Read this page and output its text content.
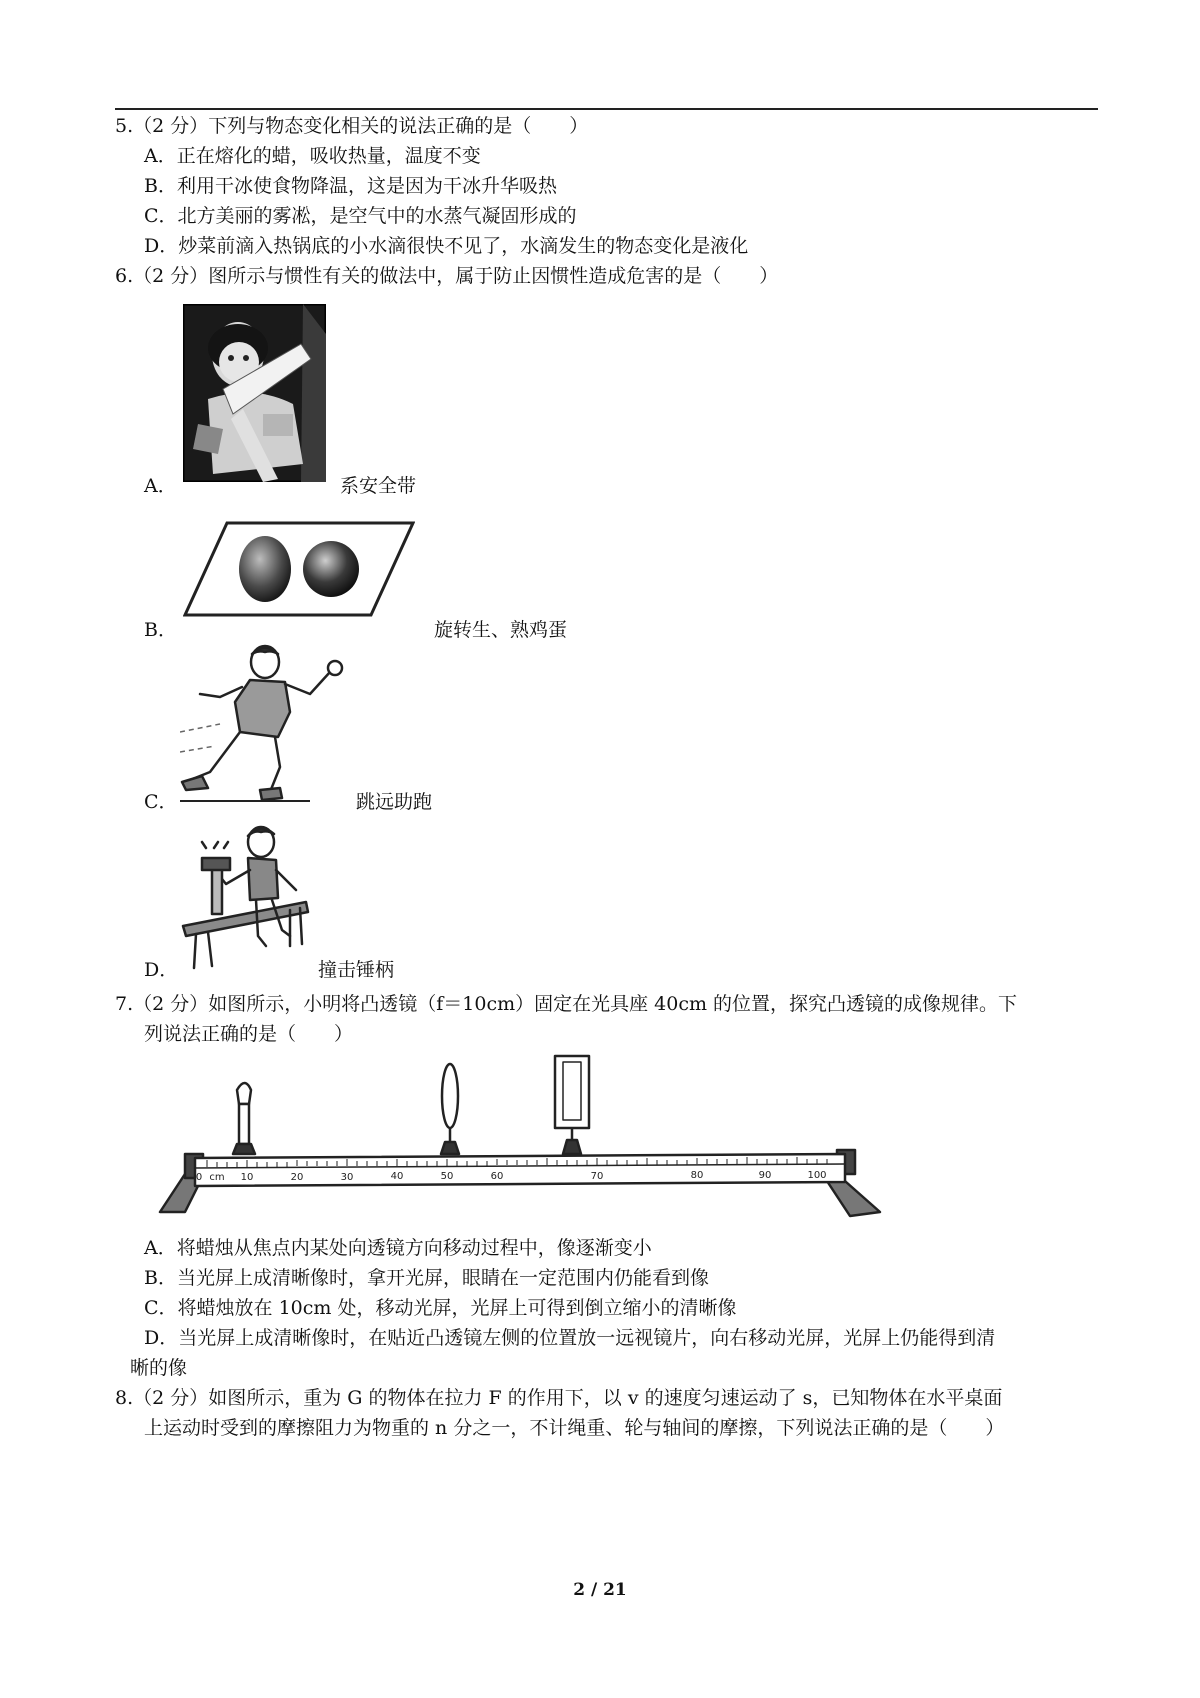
5.（2 分）下列与物态变化相关的说法正确的是（　　）
A．正在熔化的蜡，吸收热量，温度不变
B．利用干冰使食物降温，这是因为干冰升华吸热
C．北方美丽的雾凇，是空气中的水蒸气凝固形成的
D．炒菜前滴入热锅底的小水滴很快不见了，水滴发生的物态变化是液化
6.（2 分）图所示与惯性有关的做法中，属于防止因惯性造成危害的是（　　）
A．	系安全带
B．	旋转生、熟鸡蛋
C．	跳远助跑
D．	撞击锤柄
7.（2 分）如图所示，小明将凸透镜（f＝10cm）固定在光具座 40cm 的位置，探究凸透镜的成像规律。下
列说法正确的是（　　）
0 cm 10	20	30	40	50	60	70	80	90	100
A．将蜡烛从焦点内某处向透镜方向移动过程中，像逐渐变小
B．当光屏上成清晰像时，拿开光屏，眼睛在一定范围内仍能看到像
C．将蜡烛放在 10cm 处，移动光屏，光屏上可得到倒立缩小的清晰像
D．当光屏上成清晰像时，在贴近凸透镜左侧的位置放一远视镜片，向右移动光屏，光屏上仍能得到清
晰的像
8.（2 分）如图所示，重为 G 的物体在拉力 F 的作用下，以 v 的速度匀速运动了 s，已知物体在水平桌面
上运动时受到的摩擦阻力为物重的 n 分之一，不计绳重、轮与轴间的摩擦，下列说法正确的是（　　）
2 / 21
